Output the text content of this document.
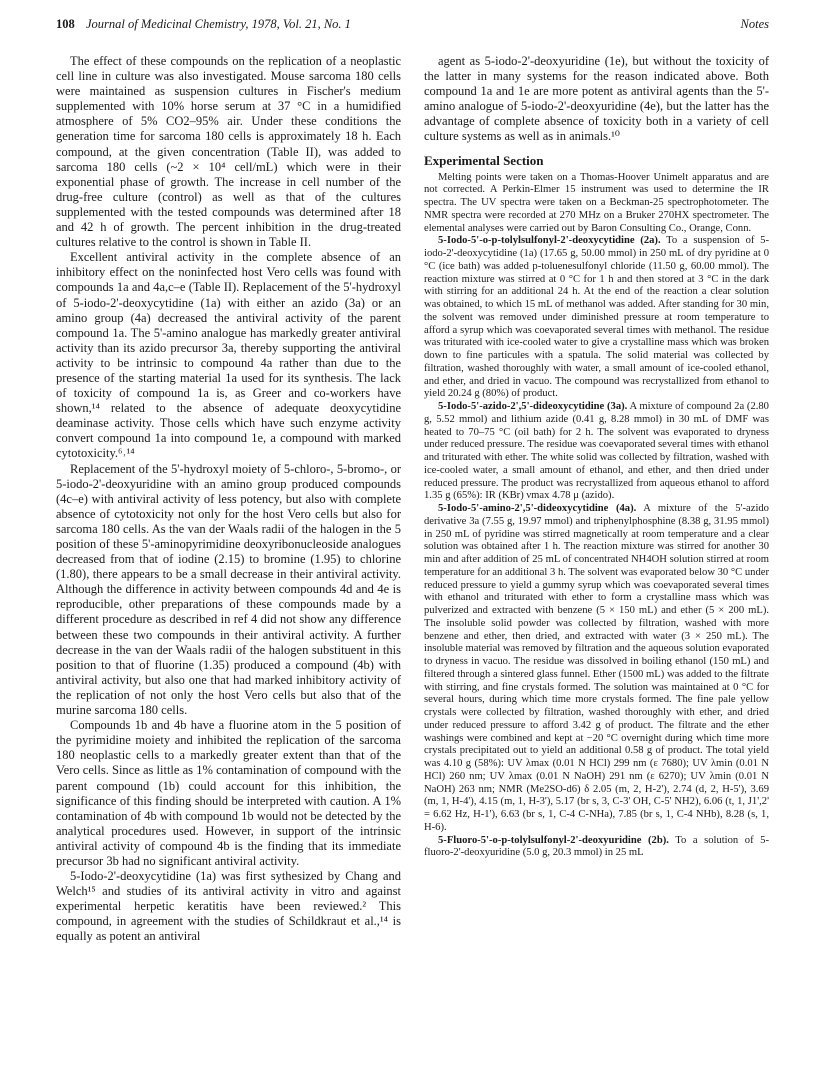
108 Journal of Medicinal Chemistry, 1978, Vol. 21, No. 1	Notes

The effect of these compounds on the replication of a neoplastic cell line in culture was also investigated. Mouse sarcoma 180 cells were maintained as suspension cultures in Fischer's medium supplemented with 10% horse serum at 37 °C in a humidified atmosphere of 5% CO2–95% air. Under these conditions the generation time for sarcoma 180 cells is approximately 18 h. Each compound, at the given concentration (Table II), was added to sarcoma 180 cells (~2 × 10⁴ cell/mL) which were in their exponential phase of growth. The increase in cell number of the drug-free culture (control) as well as that of the cultures supplemented with the tested compounds was determined after 18 and 42 h of growth. The percent inhibition in the drug-treated cultures relative to the control is shown in Table II.

Excellent antiviral activity in the complete absence of an inhibitory effect on the noninfected host Vero cells was found with compounds 1a and 4a,c–e (Table II). Replacement of the 5'-hydroxyl of 5-iodo-2'-deoxycytidine (1a) with either an azido (3a) or an amino group (4a) decreased the antiviral activity of the parent compound 1a. The 5'-amino analogue has markedly greater antiviral activity than its azido precursor 3a, thereby supporting the antiviral activity to be intrinsic to compound 4a rather than due to the presence of the starting material 1a used for its synthesis. The lack of toxicity of compound 1a is, as Greer and co-workers have shown,¹⁴ related to the absence of adequate deoxycytidine deaminase activity. Those cells which have such enzyme activity convert compound 1a into compound 1e, a compound with marked cytotoxicity.⁶˒¹⁴

Replacement of the 5'-hydroxyl moiety of 5-chloro-, 5-bromo-, or 5-iodo-2'-deoxyuridine with an amino group produced compounds (4c–e) with antiviral activity of less potency, but also with complete absence of cytotoxicity not only for the host Vero cells but also for sarcoma 180 cells. As the van der Waals radii of the halogen in the 5 position of these 5'-aminopyrimidine deoxyribonucleoside analogues decreased from that of iodine (2.15) to bromine (1.95) to chlorine (1.80), there appears to be a small decrease in their antiviral activity. Although the difference in activity between compounds 4d and 4e is reproducible, other preparations of these compounds made by a different procedure as described in ref 4 did not show any difference between these two compounds in their antiviral activity. A further decrease in the van der Waals radii of the halogen substituent in this position to that of fluorine (1.35) produced a compound (4b) with antiviral activity, but also one that had marked inhibitory activity of the replication of not only the host Vero cells but also that of the murine sarcoma 180 cells.

Compounds 1b and 4b have a fluorine atom in the 5 position of the pyrimidine moiety and inhibited the replication of the sarcoma 180 neoplastic cells to a markedly greater extent than that of the Vero cells. Since as little as 1% contamination of compound with the parent compound (1b) could account for this inhibition, the significance of this finding should be interpreted with caution. A 1% contamination of 4b with compound 1b would not be detected by the analytical procedures used. However, in support of the intrinsic antiviral activity of compound 4b is the finding that its immediate precursor 3b had no significant antiviral activity.

5-Iodo-2'-deoxycytidine (1a) was first sythesized by Chang and Welch¹⁵ and studies of its antiviral activity in vitro and against experimental herpetic keratitis have been reviewed.² This compound, in agreement with the studies of Schildkraut et al.,¹⁴ is equally as potent an antiviral

agent as 5-iodo-2'-deoxyuridine (1e), but without the toxicity of the latter in many systems for the reason indicated above. Both compound 1a and 1e are more potent as antiviral agents than the 5'-amino analogue of 5-iodo-2'-deoxyuridine (4e), but the latter has the advantage of complete absence of toxicity both in a variety of cell culture systems as well as in animals.¹⁰

Experimental Section

Melting points were taken on a Thomas-Hoover Unimelt apparatus and are not corrected. A Perkin-Elmer 15 instrument was used to determine the IR spectra. The UV spectra were taken on a Beckman-25 spectrophotometer. The NMR spectra were recorded at 270 MHz on a Bruker 270HX spectrometer. The elemental analyses were carried out by Baron Consulting Co., Orange, Conn.

5-Iodo-5'-o-p-tolylsulfonyl-2'-deoxycytidine (2a). To a suspension of 5-iodo-2'-deoxycytidine (1a) (17.65 g, 50.00 mmol) in 250 mL of dry pyridine at 0 °C (ice bath) was added p-toluenesulfonyl chloride (11.50 g, 60.00 mmol). The reaction mixture was stirred at 0 °C for 1 h and then stored at 3 °C in the dark with stirring for an additional 24 h. At the end of the reaction a clear solution was obtained, to which 15 mL of methanol was added. After standing for 30 min, the solvent was removed under diminished pressure at room temperature to afford a syrup which was coevaporated several times with methanol. The residue was triturated with ice-cooled water to give a crystalline mass which was broken down to fine particules with a spatula. The solid material was collected by filtration, washed thoroughly with water, a small amount of ice-cooled ethanol, and ether, and dried in vacuo. The compound was recrystallized from ethanol to yield 20.24 g (80%) of product.

5-Iodo-5'-azido-2',5'-dideoxycytidine (3a). A mixture of compound 2a (2.80 g, 5.52 mmol) and lithium azide (0.41 g, 8.28 mmol) in 30 mL of DMF was heated to 70–75 °C (oil bath) for 2 h. The solvent was evaporated to dryness under reduced pressure. The residue was coevaporated several times with ethanol and triturated with ether. The white solid was collected by filtration, washed with ice-cooled water, a small amount of ethanol, and ether, and then dried under reduced pressure. The product was recrystallized from aqueous ethanol to afford 1.35 g (65%): IR (KBr) νmax 4.78 μ (azido).

5-Iodo-5'-amino-2',5'-dideoxycytidine (4a). A mixture of the 5'-azido derivative 3a (7.55 g, 19.97 mmol) and triphenylphosphine (8.38 g, 31.95 mmol) in 250 mL of pyridine was stirred magnetically at room temperature and a clear solution was obtained after 1 h. The reaction mixture was stirred for another 30 min and after addition of 25 mL of concentrated NH4OH solution stirred at room temperature for an additional 3 h. The solvent was evaporated below 30 °C under reduced pressure to yield a gummy syrup which was coevaporated several times with ethanol and triturated with ether to form a crystalline mass which was pulverized and extracted with benzene (5 × 150 mL) and ether (5 × 200 mL). The insoluble solid powder was collected by filtration, washed with more benzene and ether, then dried, and extracted with water (3 × 250 mL). The insoluble material was removed by filtration and the aqueous solution evaporated to dryness in vacuo. The residue was dissolved in boiling ethanol (150 mL) and filtered through a sintered glass funnel. Ether (1500 mL) was added to the filtrate with stirring, and fine crystals formed. The solution was maintained at 0 °C for several hours, during which time more crystals formed. The fine pale yellow crystals were collected by filtration, washed thoroughly with ether, and dried under reduced pressure to afford 3.42 g of product. The filtrate and the ether washings were combined and kept at −20 °C overnight during which time more crystals precipitated out to yield an additional 0.58 g of product. The total yield was 4.10 g (58%): UV λmax (0.01 N HCl) 299 nm (ε 7680); UV λmin (0.01 N HCl) 260 nm; UV λmax (0.01 N NaOH) 291 nm (ε 6270); UV λmin (0.01 N NaOH) 263 nm; NMR (Me2SO-d6) δ 2.05 (m, 2, H-2'), 2.74 (d, 2, H-5'), 3.69 (m, 1, H-4'), 4.15 (m, 1, H-3'), 5.17 (br s, 3, C-3' OH, C-5' NH2), 6.06 (t, 1, J1',2' = 6.62 Hz, H-1'), 6.63 (br s, 1, C-4 C-NHa), 7.85 (br s, 1, C-4 NHb), 8.28 (s, 1, H-6).

5-Fluoro-5'-o-p-tolylsulfonyl-2'-deoxyuridine (2b). To a solution of 5-fluoro-2'-deoxyuridine (5.0 g, 20.3 mmol) in 25 mL
